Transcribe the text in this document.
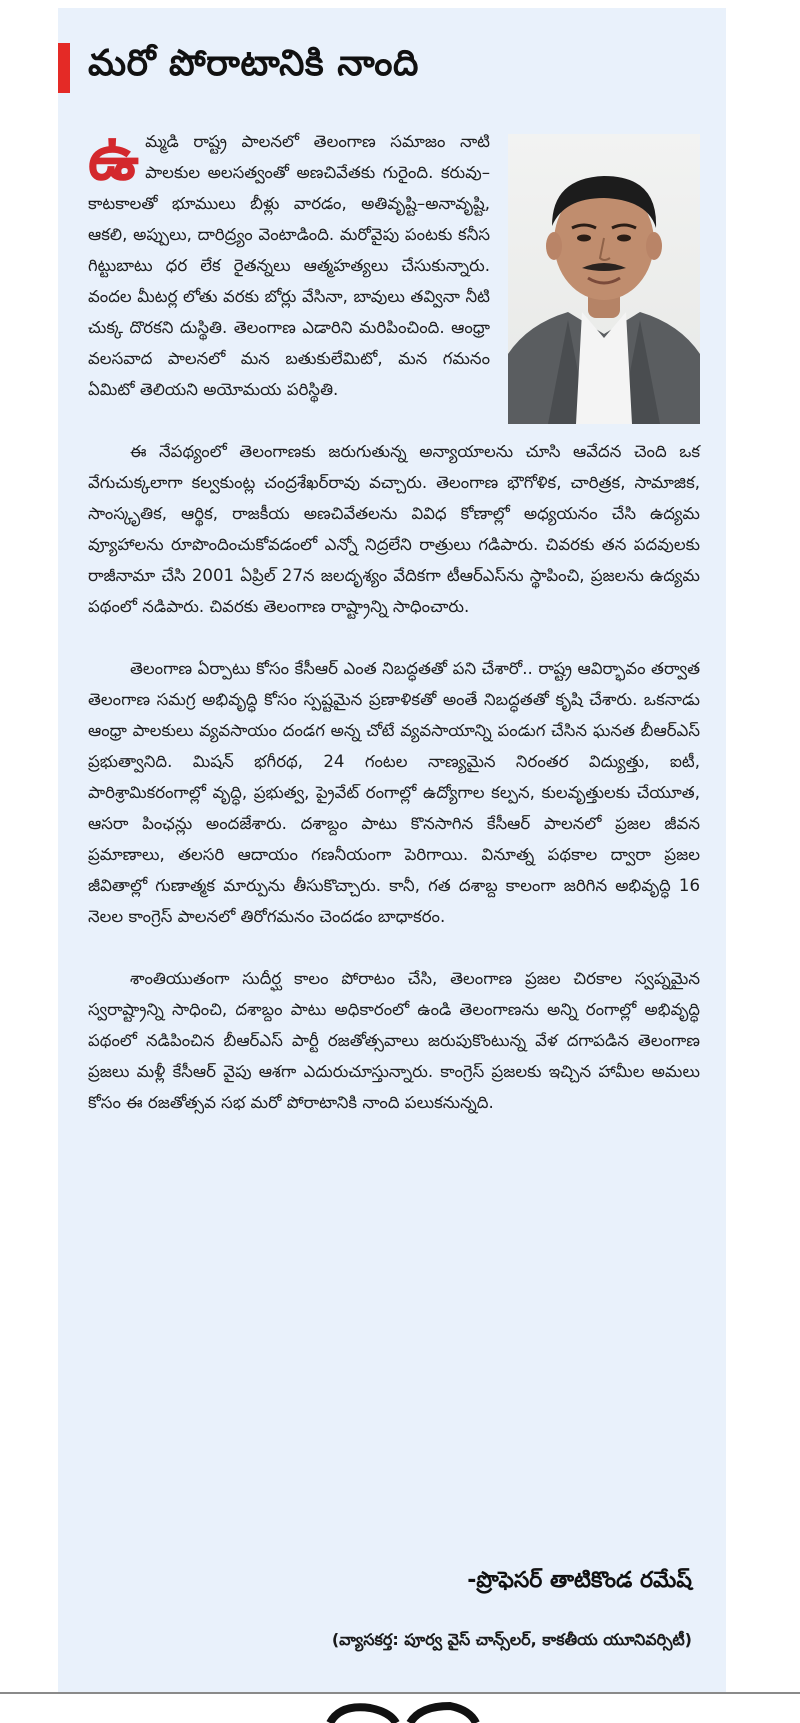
మరో పోరాటానికి నాంది

ఉమ్మడి రాష్ట్ర పాలనలో తెలంగాణ సమాజం నాటి పాలకుల అలసత్వంతో అణచివేతకు గురైంది. కరువు– కాటకాలతో భూములు బీళ్లు వారడం, అతివృష్టి–అనావృష్టి, ఆకలి, అప్పులు, దారిద్ర్యం వెంటాడింది. మరోవైపు పంటకు కనీస గిట్టుబాటు ధర లేక రైతన్నలు ఆత్మహత్యలు చేసుకున్నారు. వందల మీటర్ల లోతు వరకు బోర్లు వేసినా, బావులు తవ్వినా నీటి చుక్క దొరకని దుస్థితి. తెలంగాణ ఎడారిని మరిపించింది. ఆంధ్రా వలసవాద పాలనలో మన బతుకులేమిటో, మన గమనం ఏమిటో తెలియని అయోమయ పరిస్థితి.

ఈ నేపథ్యంలో తెలంగాణకు జరుగుతున్న అన్యాయాలను చూసి ఆవేదన చెంది ఒక వేగుచుక్కలాగా కల్వకుంట్ల చంద్రశేఖర్‌రావు వచ్చారు. తెలంగాణ భౌగోళిక, చారిత్రక, సామాజిక, సాంస్కృతిక, ఆర్థిక, రాజకీయ అణచివేతలను వివిధ కోణాల్లో అధ్యయనం చేసి ఉద్యమ వ్యూహాలను రూపొందించుకోవడంలో ఎన్నో నిద్రలేని రాత్రులు గడిపారు. చివరకు తన పదవులకు రాజీనామా చేసి 2001 ఏప్రిల్ 27న జలదృశ్యం వేదికగా టీఆర్ఎస్‌ను స్థాపించి, ప్రజలను ఉద్యమ పథంలో నడిపారు. చివరకు తెలంగాణ రాష్ట్రాన్ని సాధించారు.

తెలంగాణ ఏర్పాటు కోసం కేసీఆర్ ఎంత నిబద్ధతతో పని చేశారో.. రాష్ట్ర ఆవిర్భావం తర్వాత తెలంగాణ సమగ్ర అభివృద్ధి కోసం స్పష్టమైన ప్రణాళికతో అంతే నిబద్ధతతో కృషి చేశారు. ఒకనాడు ఆంధ్రా పాలకులు వ్యవసాయం దండగ అన్న చోటే వ్యవసాయాన్ని పండుగ చేసిన ఘనత బీఆర్ఎస్ ప్రభుత్వానిది. మిషన్ భగీరథ, 24 గంటల నాణ్యమైన నిరంతర విద్యుత్తు, ఐటీ, పారిశ్రామికరంగాల్లో వృద్ధి, ప్రభుత్వ, ప్రైవేట్ రంగాల్లో ఉద్యోగాల కల్పన, కులవృత్తులకు చేయూత, ఆసరా పింఛన్లు అందజేశారు. దశాబ్దం పాటు కొనసాగిన కేసీఆర్ పాలనలో ప్రజల జీవన ప్రమాణాలు, తలసరి ఆదాయం గణనీయంగా పెరిగాయి. వినూత్న పథకాల ద్వారా ప్రజల జీవితాల్లో గుణాత్మక మార్పును తీసుకొచ్చారు. కానీ, గత దశాబ్ద కాలంగా జరిగిన అభివృద్ధి 16 నెలల కాంగ్రెస్ పాలనలో తిరోగమనం చెందడం బాధాకరం.

శాంతియుతంగా సుదీర్ఘ కాలం పోరాటం చేసి, తెలంగాణ ప్రజల చిరకాల స్వప్నమైన స్వరాష్ట్రాన్ని సాధించి, దశాబ్దం పాటు అధికారంలో ఉండి తెలంగాణను అన్ని రంగాల్లో అభివృద్ధి పథంలో నడిపించిన బీఆర్ఎస్ పార్టీ రజతోత్సవాలు జరుపుకొంటున్న వేళ దగాపడిన తెలంగాణ ప్రజలు మళ్లీ కేసీఆర్ వైపు ఆశగా ఎదురుచూస్తున్నారు. కాంగ్రెస్ ప్రజలకు ఇచ్చిన హామీల అమలు కోసం ఈ రజతోత్సవ సభ మరో పోరాటానికి నాంది పలుకనున్నది.

-ప్రొఫెసర్ తాటికొండ రమేష్
(వ్యాసకర్త: పూర్వ వైస్ చాన్స్‌లర్, కాకతీయ యూనివర్సిటీ)
